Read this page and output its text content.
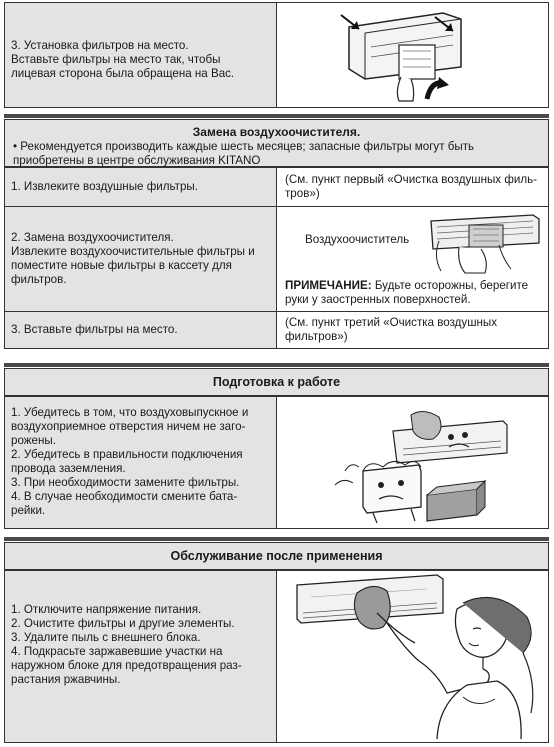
3. Установка фильтров на место.
Вставьте фильтры на место так, чтобы
лицевая сторона была обращена на Вас.
Замена воздухоочистителя.
• Рекомендуется производить каждые шесть месяцев; запасные фильтры могут быть
приобретены в центре обслуживания KITANO
1. Извлеките воздушные фильтры.
(См. пункт первый «Очистка воздушных филь-
тров»)
2. Замена воздухоочистителя.
Извлеките воздухоочистительные фильтры и
поместите новые фильтры в кассету для
фильтров.
Воздухоочиститель
ПРИМЕЧАНИЕ: Будьте осторожны, берегите
руки у заостренных поверхностей.
3. Вставьте фильтры на место.
(См. пункт третий «Очистка воздушных
фильтров»)
Подготовка к работе
1. Убедитесь в том, что воздуховыпускное и
воздухоприемное отверстия ничем не заго-
рожены.
2. Убедитесь в правильности подключения
провода заземления.
3. При необходимости замените фильтры.
4. В случае необходимости смените бата-
рейки.
Обслуживание после применения
1. Отключите напряжение питания.
2. Очистите фильтры и другие элементы.
3. Удалите пыль с внешнего блока.
4. Подкрасьте заржавевшие участки на
наружном блоке для предотвращения раз-
растания ржавчины.
